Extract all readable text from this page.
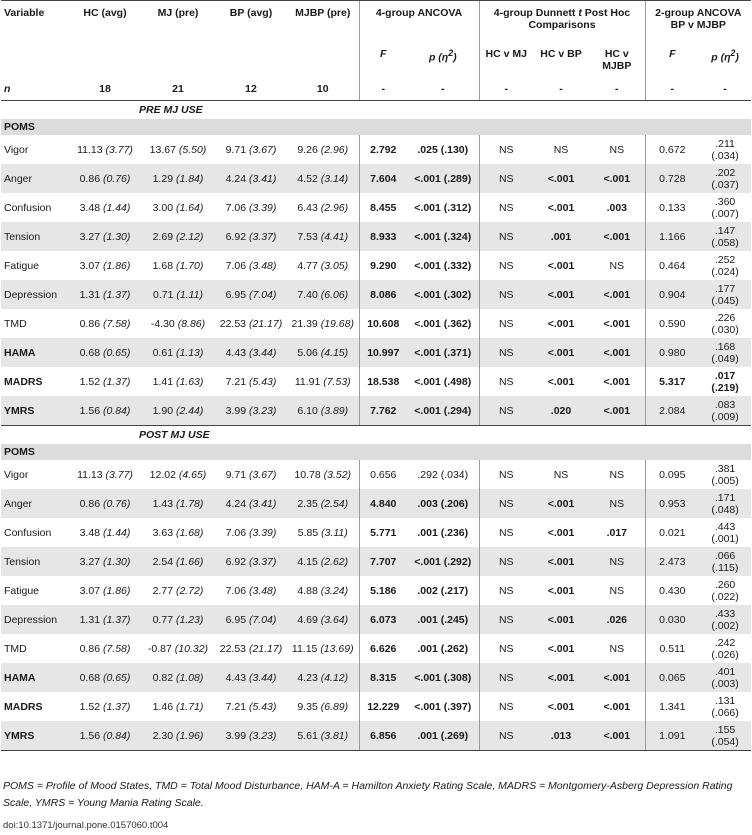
Variable	HC (avg)	MJ (pre)	BP (avg)	MJBP (pre)	4-group ANCOVA		4-group Dunnett t Post Hoc Comparisons			2-group ANCOVA BP v MJBP	
					F	p $(\eta^2)$	HC v MJ	HC v BP	HC v MJBP	F	p $(\eta^2)$
n	18	21	12	10	-	-	-	-	-	-	-
	PRE MJ USE										
POMS											
Vigor	11.13 (3.77)	13.67 (5.50)	9.71 (3.67)	9.26 (2.96)	2.792	.025 (.130)	NS	NS	NS	0.672	.211 (.034)
Anger	0.86 (0.76)	1.29 (1.84)	4.24 (3.41)	4.52 (3.14)	7.604	<.001 (.289)	NS	<.001	<.001	0.728	.202 (.037)
Confusion	3.48 (1.44)	3.00 (1.64)	7.06 (3.39)	6.43 (2.96)	8.455	<.001 (.312)	NS	<.001	.003	0.133	.360 (.007)
Tension	3.27 (1.30)	2.69 (2.12)	6.92 (3.37)	7.53 (4.41)	8.933	<.001 (.324)	NS	.001	<.001	1.166	.147 (.058)
Fatigue	3.07 (1.86)	1.68 (1.70)	7.06 (3.48)	4.77 (3.05)	9.290	<.001 (.332)	NS	<.001	NS	0.464	.252 (.024)
Depression	1.31 (1.37)	0.71 (1.11)	6.95 (7.04)	7.40 (6.06)	8.086	<.001 (.302)	NS	<.001	<.001	0.904	.177 (.045)
TMD	0.86 (7.58)	-4.30 (8.86)	22.53 (21.17)	21.39 (19.68)	10.608	<.001 (.362)	NS	<.001	<.001	0.590	.226 (.030)
HAMA	0.68 (0.65)	0.61 (1.13)	4.43 (3.44)	5.06 (4.15)	10.997	<.001 (.371)	NS	<.001	<.001	0.980	.168 (.049)
MADRS	1.52 (1.37)	1.41 (1.63)	7.21 (5.43)	11.91 (7.53)	18.538	<.001 (.498)	NS	<.001	<.001	5.317	.017 (.219)
YMRS	1.56 (0.84)	1.90 (2.44)	3.99 (3.23)	6.10 (3.89)	7.762	<.001 (.294)	NS	.020	<.001	2.084	.083 (.009)
	POST MJ USE										
POMS											
Vigor	11.13 (3.77)	12.02 (4.65)	9.71 (3.67)	10.78 (3.52)	0.656	.292 (.034)	NS	NS	NS	0.095	.381 (.005)
Anger	0.86 (0.76)	1.43 (1.78)	4.24 (3.41)	2.35 (2.54)	4.840	.003 (.206)	NS	<.001	NS	0.953	.171 (.048)
Confusion	3.48 (1.44)	3.63 (1.68)	7.06 (3.39)	5.85 (3.11)	5.771	.001 (.236)	NS	<.001	.017	0.021	.443 (.001)
Tension	3.27 (1.30)	2.54 (1.66)	6.92 (3.37)	4.15 (2.62)	7.707	<.001 (.292)	NS	<.001	NS	2.473	.066 (.115)
Fatigue	3.07 (1.86)	2.77 (2.72)	7.06 (3.48)	4.88 (3.24)	5.186	.002 (.217)	NS	<.001	NS	0.430	.260 (.022)
Depression	1.31 (1.37)	0.77 (1.23)	6.95 (7.04)	4.69 (3.64)	6.073	.001 (.245)	NS	<.001	.026	0.030	.433 (.002)
TMD	0.86 (7.58)	-0.87 (10.32)	22.53 (21.17)	11.15 (13.69)	6.626	.001 (.262)	NS	<.001	NS	0.511	.242 (.026)
HAMA	0.68 (0.65)	0.82 (1.08)	4.43 (3.44)	4.23 (4.12)	8.315	<.001 (.308)	NS	<.001	<.001	0.065	.401 (.003)
MADRS	1.52 (1.37)	1.46 (1.71)	7.21 (5.43)	9.35 (6.89)	12.229	<.001 (.397)	NS	<.001	<.001	1.341	.131 (.066)
YMRS	1.56 (0.84)	2.30 (1.96)	3.99 (3.23)	5.61 (3.81)	6.856	.001 (.269)	NS	.013	<.001	1.091	.155 (.054)
POMS = Profile of Mood States, TMD = Total Mood Disturbance, HAM-A = Hamilton Anxiety Rating Scale, MADRS = Montgomery-Asberg Depression Rating Scale, YMRS = Young Mania Rating Scale.
doi:10.1371/journal.pone.0157060.t004
